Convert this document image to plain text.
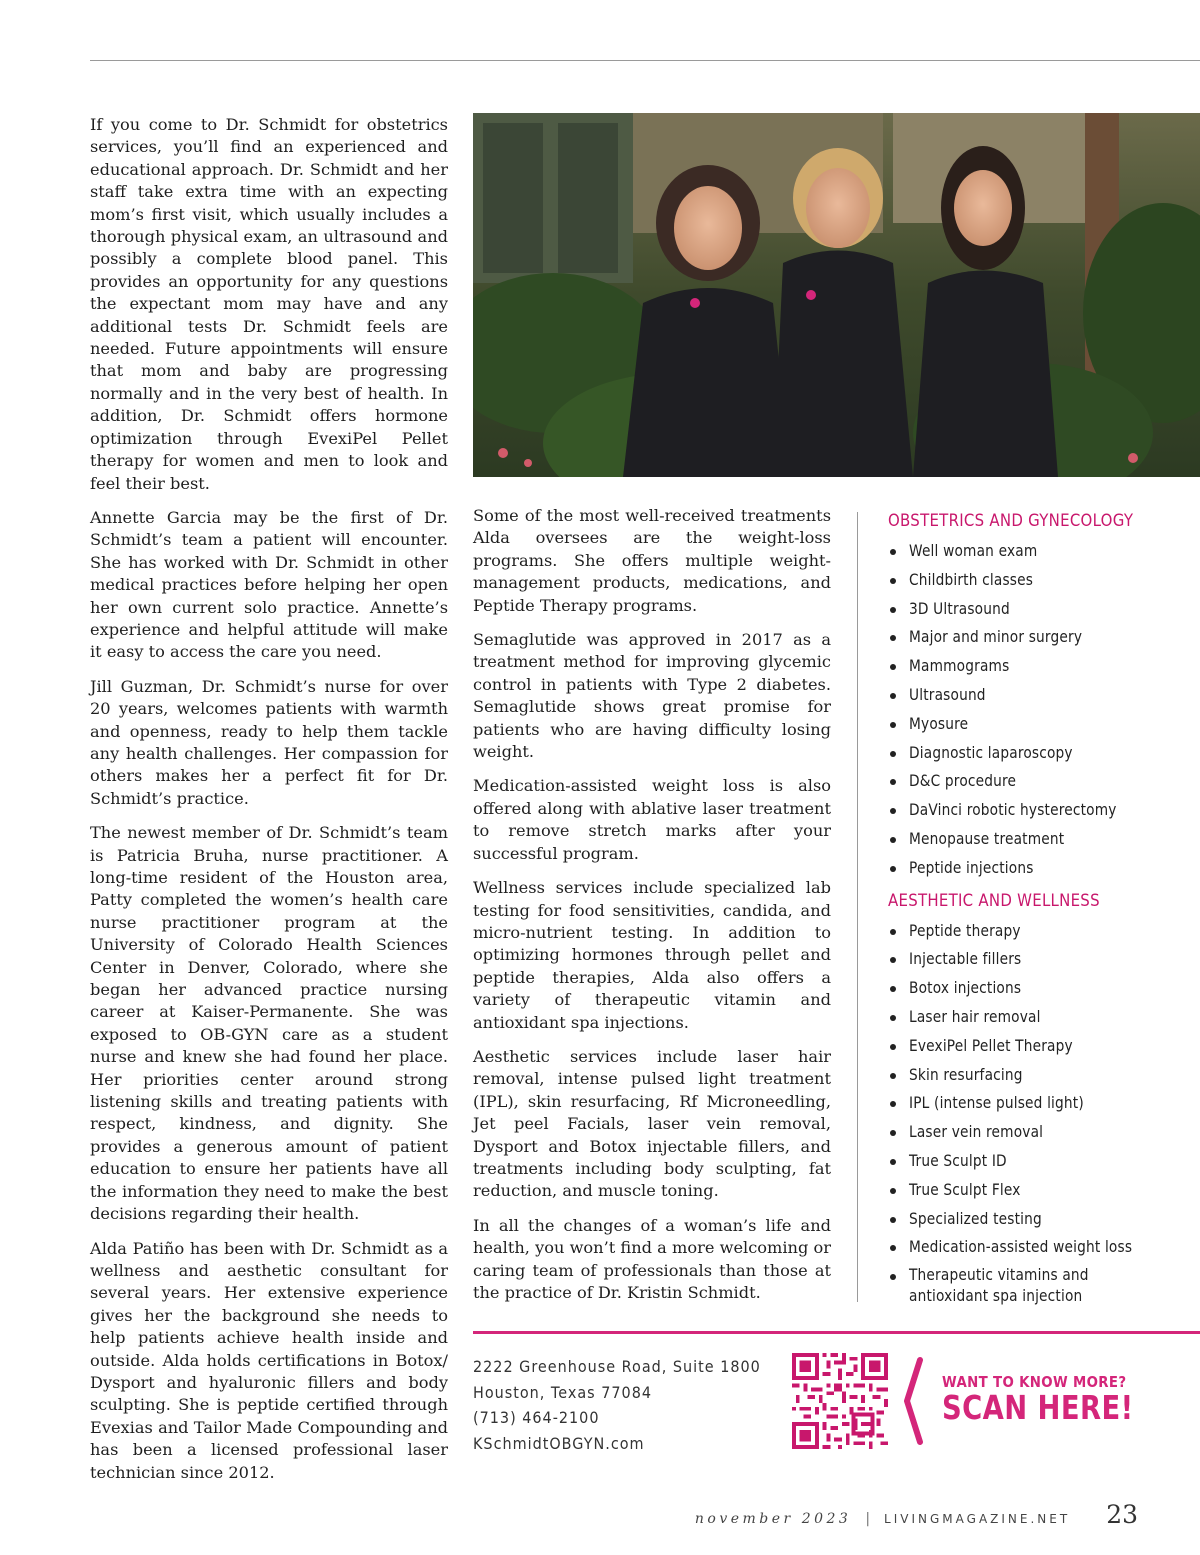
If you come to Dr. Schmidt for obstetrics services, you’ll find an experienced and educational approach. Dr. Schmidt and her staff take extra time with an expecting mom’s first visit, which usually includes a thorough physical exam, an ultrasound and possibly a complete blood panel. This provides an opportunity for any questions the expectant mom may have and any additional tests Dr. Schmidt feels are needed. Future appointments will ensure that mom and baby are progressing normally and in the very best of health. In addition, Dr. Schmidt offers hormone optimization through EvexiPel Pellet therapy for women and men to look and feel their best.

Annette Garcia may be the first of Dr. Schmidt’s team a patient will encounter. She has worked with Dr. Schmidt in other medical practices before helping her open her own current solo practice. Annette’s experience and helpful attitude will make it easy to access the care you need.

Jill Guzman, Dr. Schmidt’s nurse for over 20 years, welcomes patients with warmth and openness, ready to help them tackle any health challenges. Her compassion for others makes her a perfect fit for Dr. Schmidt’s practice.

The newest member of Dr. Schmidt’s team is Patricia Bruha, nurse practitioner. A long-time resident of the Houston area, Patty completed the women’s health care nurse practitioner program at the University of Colorado Health Sciences Center in Denver, Colorado, where she began her advanced practice nursing career at Kaiser-Permanente. She was exposed to OB-GYN care as a student nurse and knew she had found her place. Her priorities center around strong listening skills and treating patients with respect, kindness, and dignity. She provides a generous amount of patient education to ensure her patients have all the information they need to make the best decisions regarding their health.

Alda Patiño has been with Dr. Schmidt as a wellness and aesthetic consultant for several years. Her extensive experience gives her the background she needs to help patients achieve health inside and outside. Alda holds certifications in Botox/ Dysport and hyaluronic fillers and body sculpting. She is peptide certified through Evexias and Tailor Made Compounding and has been a licensed professional laser technician since 2012.

Some of the most well-received treatments Alda oversees are the weight-loss programs. She offers multiple weight-management products, medications, and Peptide Therapy programs.

Semaglutide was approved in 2017 as a treatment method for improving glycemic control in patients with Type 2 diabetes. Semaglutide shows great promise for patients who are having difficulty losing weight.

Medication-assisted weight loss is also offered along with ablative laser treatment to remove stretch marks after your successful program.

Wellness services include specialized lab testing for food sensitivities, candida, and micro-nutrient testing. In addition to optimizing hormones through pellet and peptide therapies, Alda also offers a variety of therapeutic vitamin and antioxidant spa injections.

Aesthetic services include laser hair removal, intense pulsed light treatment (IPL), skin resurfacing, Rf Microneedling, Jet peel Facials, laser vein removal, Dysport and Botox injectable fillers, and treatments including body sculpting, fat reduction, and muscle toning.

In all the changes of a woman’s life and health, you won’t find a more welcoming or caring team of professionals than those at the practice of Dr. Kristin Schmidt.

OBSTETRICS AND GYNECOLOGY
Well woman exam
Childbirth classes
3D Ultrasound
Major and minor surgery
Mammograms
Ultrasound
Myosure
Diagnostic laparoscopy
D&C procedure
DaVinci robotic hysterectomy
Menopause treatment
Peptide injections
AESTHETIC AND WELLNESS
Peptide therapy
Injectable fillers
Botox injections
Laser hair removal
EvexiPel Pellet Therapy
Skin resurfacing
IPL (intense pulsed light)
Laser vein removal
True Sculpt ID
True Sculpt Flex
Specialized testing
Medication-assisted weight loss
Therapeutic vitamins and antioxidant spa injection
2222 Greenhouse Road, Suite 1800
Houston, Texas 77084
(713) 464-2100
KSchmidtOBGYN.com
WANT TO KNOW MORE?
SCAN HERE!
november 2023 | LIVINGMAGAZINE.NET 23
